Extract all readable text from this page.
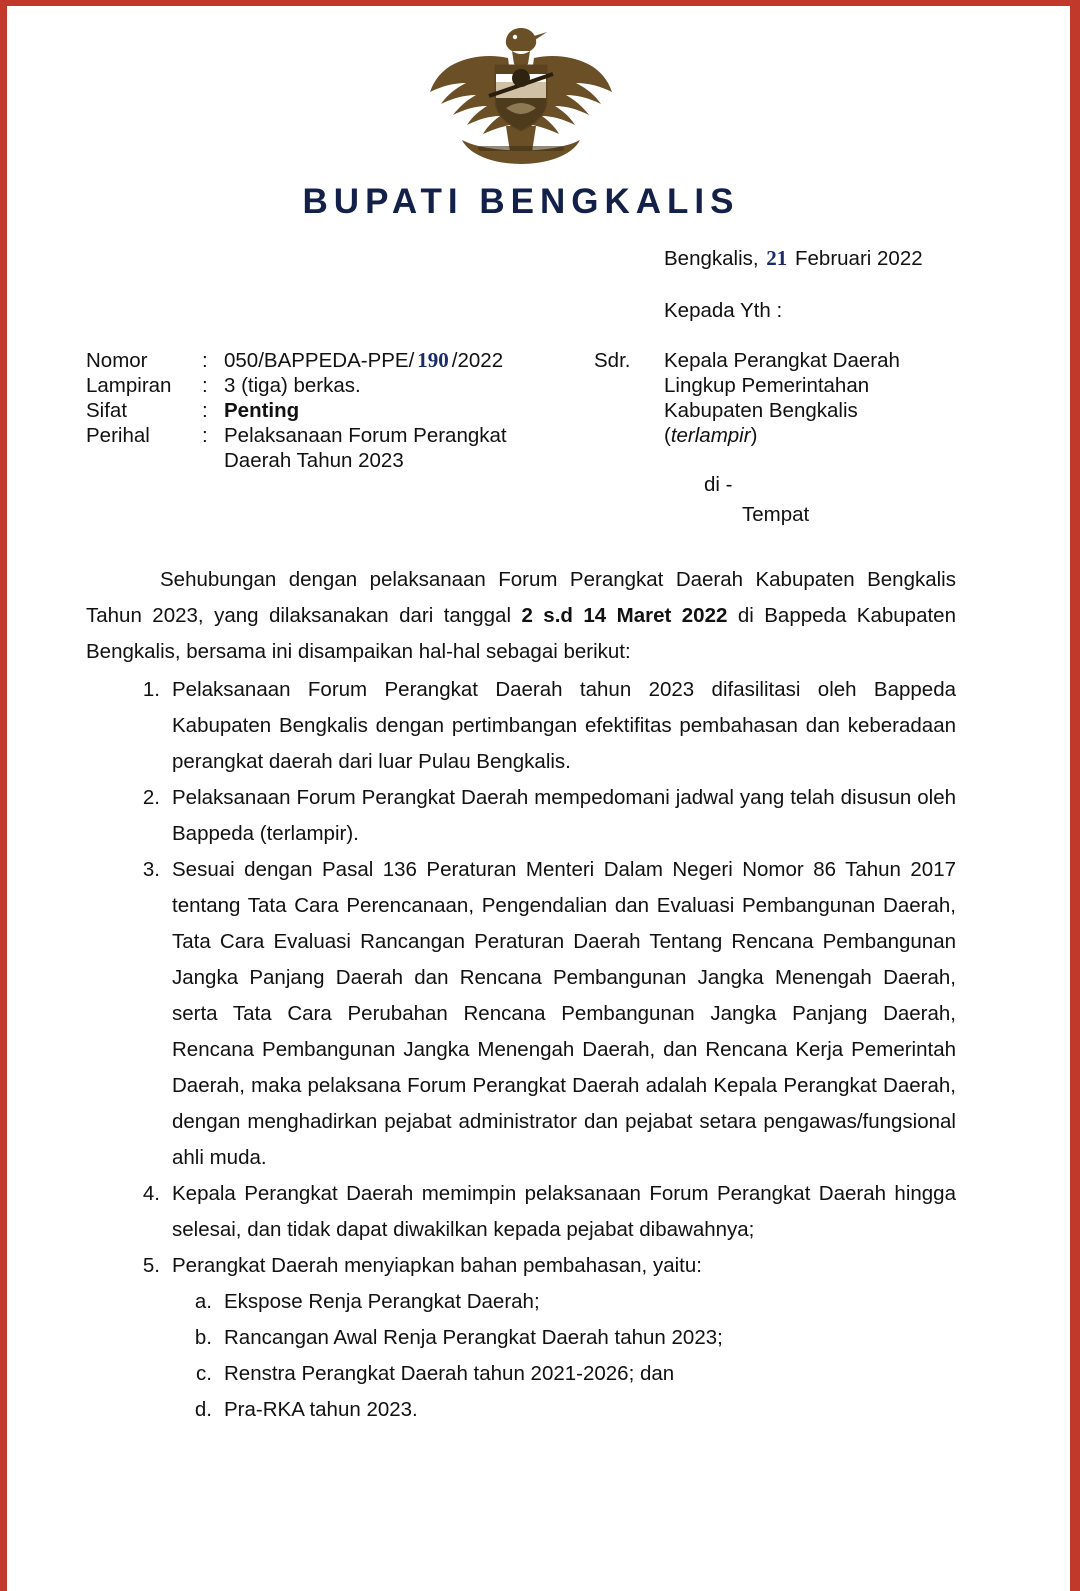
BUPATI BENGKALIS
Bengkalis, 21 Februari 2022
Kepada Yth :
Nomor	: 050/BAPPEDA-PPE/ 190 /2022
Lampiran	: 3 (tiga) berkas.
Sifat	: Penting
Perihal	: Pelaksanaan Forum Perangkat Daerah Tahun 2023
Sdr.	Kepala Perangkat Daerah
Lingkup Pemerintahan
Kabupaten Bengkalis
(terlampir)
di -
Tempat

Sehubungan dengan pelaksanaan Forum Perangkat Daerah Kabupaten Bengkalis Tahun 2023, yang dilaksanakan dari tanggal 2 s.d 14 Maret 2022 di Bappeda Kabupaten Bengkalis, bersama ini disampaikan hal-hal sebagai berikut:

1. Pelaksanaan Forum Perangkat Daerah tahun 2023 difasilitasi oleh Bappeda Kabupaten Bengkalis dengan pertimbangan efektifitas pembahasan dan keberadaan perangkat daerah dari luar Pulau Bengkalis.
2. Pelaksanaan Forum Perangkat Daerah mempedomani jadwal yang telah disusun oleh Bappeda (terlampir).
3. Sesuai dengan Pasal 136 Peraturan Menteri Dalam Negeri Nomor 86 Tahun 2017 tentang Tata Cara Perencanaan, Pengendalian dan Evaluasi Pembangunan Daerah, Tata Cara Evaluasi Rancangan Peraturan Daerah Tentang Rencana Pembangunan Jangka Panjang Daerah dan Rencana Pembangunan Jangka Menengah Daerah, serta Tata Cara Perubahan Rencana Pembangunan Jangka Panjang Daerah, Rencana Pembangunan Jangka Menengah Daerah, dan Rencana Kerja Pemerintah Daerah, maka pelaksana Forum Perangkat Daerah adalah Kepala Perangkat Daerah, dengan menghadirkan pejabat administrator dan pejabat setara pengawas/fungsional ahli muda.
4. Kepala Perangkat Daerah memimpin pelaksanaan Forum Perangkat Daerah hingga selesai, dan tidak dapat diwakilkan kepada pejabat dibawahnya;
5. Perangkat Daerah menyiapkan bahan pembahasan, yaitu:
a. Ekspose Renja Perangkat Daerah;
b. Rancangan Awal Renja Perangkat Daerah tahun 2023;
c. Renstra Perangkat Daerah tahun 2021-2026; dan
d. Pra-RKA tahun 2023.
